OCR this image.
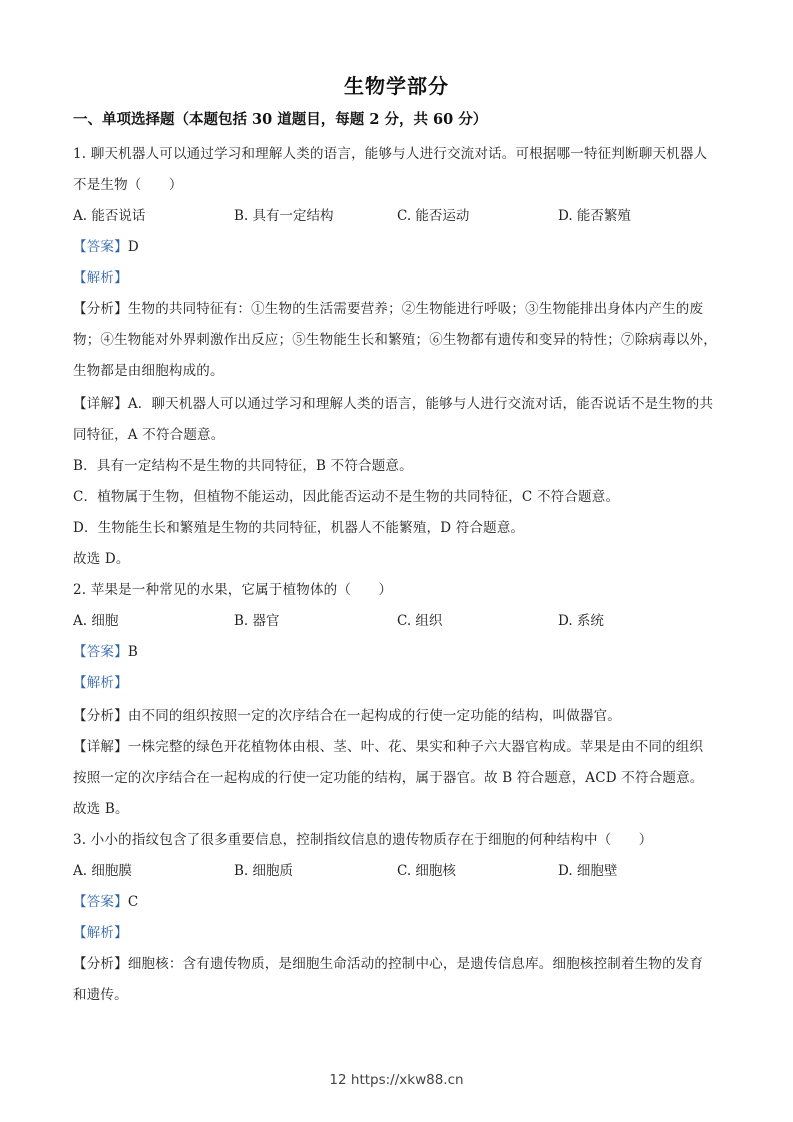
生物学部分
一、单项选择题（本题包括 30 道题目，每题 2 分，共 60 分）
1. 聊天机器人可以通过学习和理解人类的语言，能够与人进行交流对话。可根据哪一特征判断聊天机器人
不是生物（　　）
A. 能否说话	B. 具有一定结构	C. 能否运动	D. 能否繁殖
【答案】D
【解析】
【分析】生物的共同特征有：①生物的生活需要营养；②生物能进行呼吸；③生物能排出身体内产生的废
物；④生物能对外界刺激作出反应；⑤生物能生长和繁殖；⑥生物都有遗传和变异的特性；⑦除病毒以外，
生物都是由细胞构成的。
【详解】A．聊天机器人可以通过学习和理解人类的语言，能够与人进行交流对话，能否说话不是生物的共
同特征，A 不符合题意。
B．具有一定结构不是生物的共同特征，B 不符合题意。
C．植物属于生物，但植物不能运动，因此能否运动不是生物的共同特征，C 不符合题意。
D．生物能生长和繁殖是生物的共同特征，机器人不能繁殖，D 符合题意。
故选 D。
2. 苹果是一种常见的水果，它属于植物体的（　　）
A. 细胞	B. 器官	C. 组织	D. 系统
【答案】B
【解析】
【分析】由不同的组织按照一定的次序结合在一起构成的行使一定功能的结构，叫做器官。
【详解】一株完整的绿色开花植物体由根、茎、叶、花、果实和种子六大器官构成。苹果是由不同的组织
按照一定的次序结合在一起构成的行使一定功能的结构，属于器官。故 B 符合题意，ACD 不符合题意。
故选 B。
3. 小小的指纹包含了很多重要信息，控制指纹信息的遗传物质存在于细胞的何种结构中（　　）
A. 细胞膜	B. 细胞质	C. 细胞核	D. 细胞壁
【答案】C
【解析】
【分析】细胞核：含有遗传物质，是细胞生命活动的控制中心，是遗传信息库。细胞核控制着生物的发育
和遗传。
12 https://xkw88.cn
